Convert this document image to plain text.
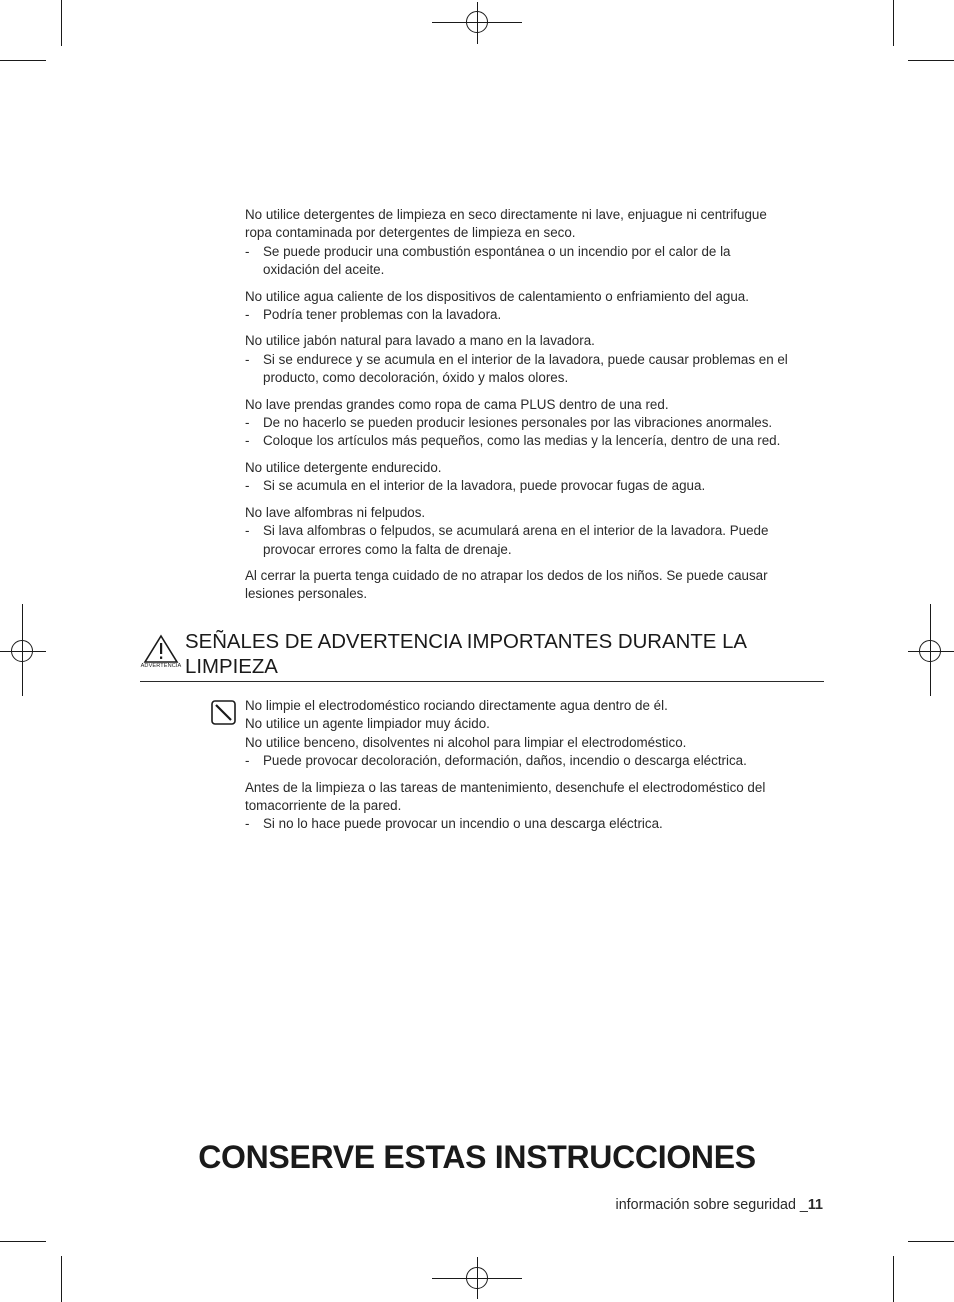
No utilice detergentes de limpieza en seco directamente ni lave, enjuague ni centrifugue
ropa contaminada por detergentes de limpieza en seco.
- Se puede producir una combustión espontánea o un incendio por el calor de la
oxidación del aceite.
No utilice agua caliente de los dispositivos de calentamiento o enfriamiento del agua.
- Podría tener problemas con la lavadora.
No utilice jabón natural para lavado a mano en la lavadora.
- Si se endurece y se acumula en el interior de la lavadora, puede causar problemas en el
producto, como decoloración, óxido y malos olores.
No lave prendas grandes como ropa de cama PLUS dentro de una red.
- De no hacerlo se pueden producir lesiones personales por las vibraciones anormales.
- Coloque los artículos más pequeños, como las medias y la lencería, dentro de una red.
No utilice detergente endurecido.
- Si se acumula en el interior de la lavadora, puede provocar fugas de agua.
No lave alfombras ni felpudos.
- Si lava alfombras o felpudos, se acumulará arena en el interior de la lavadora. Puede
provocar errores como la falta de drenaje.
Al cerrar la puerta tenga cuidado de no atrapar los dedos de los niños. Se puede causar
lesiones personales.
ADVERTENCIA
SEÑALES DE ADVERTENCIA IMPORTANTES DURANTE LA
LIMPIEZA
No limpie el electrodoméstico rociando directamente agua dentro de él.
No utilice un agente limpiador muy ácido.
No utilice benceno, disolventes ni alcohol para limpiar el electrodoméstico.
- Puede provocar decoloración, deformación, daños, incendio o descarga eléctrica.
Antes de la limpieza o las tareas de mantenimiento, desenchufe el electrodoméstico del
tomacorriente de la pared.
- Si no lo hace puede provocar un incendio o una descarga eléctrica.
CONSERVE ESTAS INSTRUCCIONES
información sobre seguridad _11
